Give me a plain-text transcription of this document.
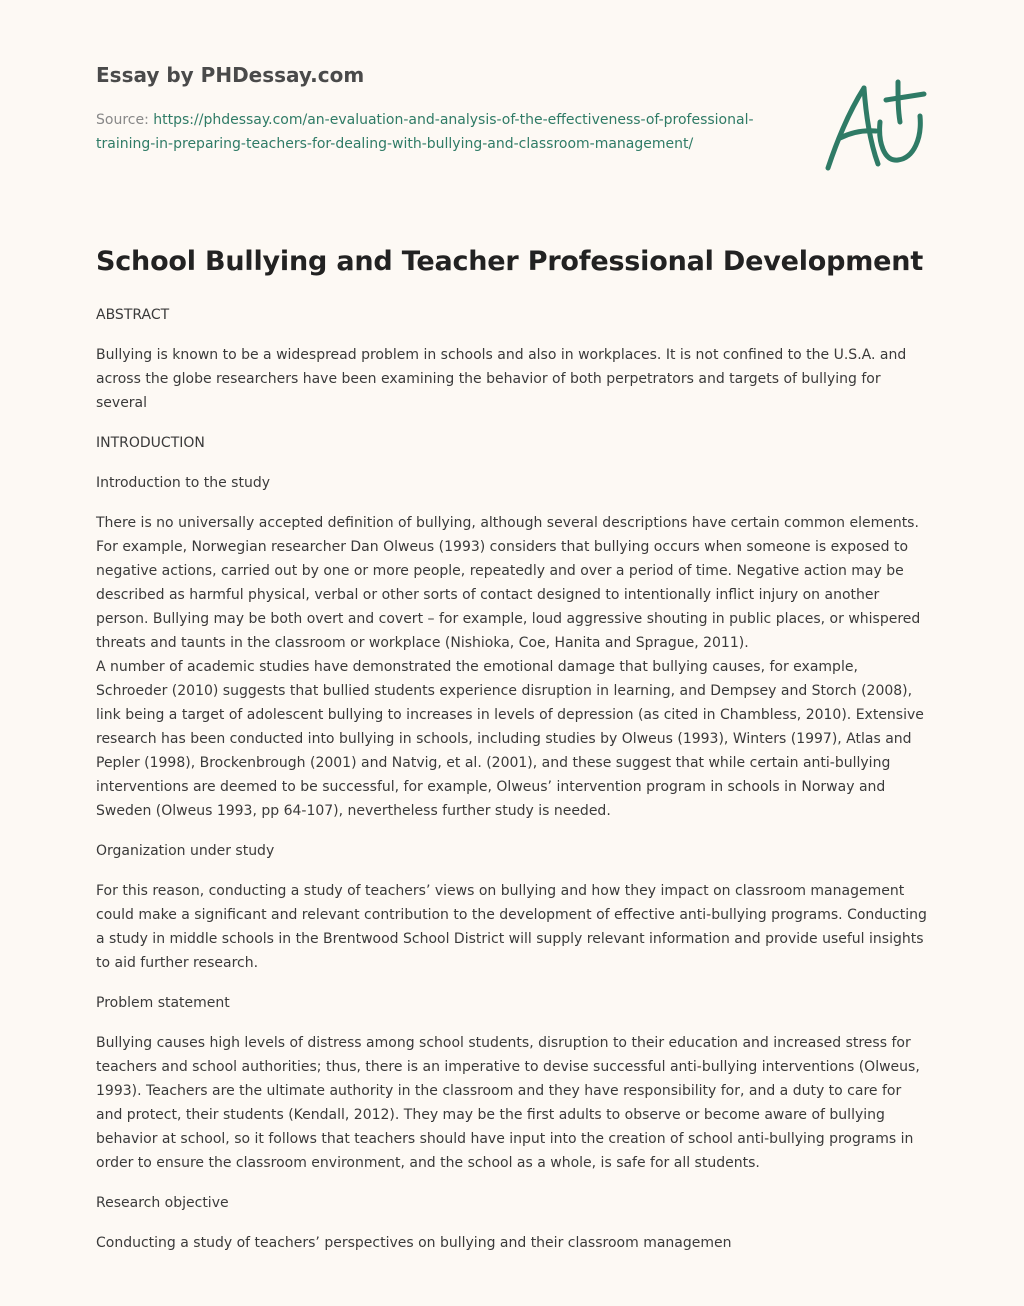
Essay by PHDessay.com
Source: https://phdessay.com/an-evaluation-and-analysis-of-the-effectiveness-of-professional-training-in-preparing-teachers-for-dealing-with-bullying-and-classroom-management/
School Bullying and Teacher Professional Development

ABSTRACT

Bullying is known to be a widespread problem in schools and also in workplaces. It is not confined to the U.S.A. and across the globe researchers have been examining the behavior of both perpetrators and targets of bullying for several

INTRODUCTION

Introduction to the study

There is no universally accepted definition of bullying, although several descriptions have certain common elements. For example, Norwegian researcher Dan Olweus (1993) considers that bullying occurs when someone is exposed to negative actions, carried out by one or more people, repeatedly and over a period of time. Negative action may be described as harmful physical, verbal or other sorts of contact designed to intentionally inflict injury on another person. Bullying may be both overt and covert – for example, loud aggressive shouting in public places, or whispered threats and taunts in the classroom or workplace (Nishioka, Coe, Hanita and Sprague, 2011).

A number of academic studies have demonstrated the emotional damage that bullying causes, for example, Schroeder (2010) suggests that bullied students experience disruption in learning, and Dempsey and Storch (2008), link being a target of adolescent bullying to increases in levels of depression (as cited in Chambless, 2010). Extensive research has been conducted into bullying in schools, including studies by Olweus (1993), Winters (1997), Atlas and Pepler (1998), Brockenbrough (2001) and Natvig, et al. (2001), and these suggest that while certain anti-bullying interventions are deemed to be successful, for example, Olweus’ intervention program in schools in Norway and Sweden (Olweus 1993, pp 64-107), nevertheless further study is needed.

Organization under study

For this reason, conducting a study of teachers’ views on bullying and how they impact on classroom management could make a significant and relevant contribution to the development of effective anti-bullying programs. Conducting a study in middle schools in the Brentwood School District will supply relevant information and provide useful insights to aid further research.

Problem statement

Bullying causes high levels of distress among school students, disruption to their education and increased stress for teachers and school authorities; thus, there is an imperative to devise successful anti-bullying interventions (Olweus, 1993). Teachers are the ultimate authority in the classroom and they have responsibility for, and a duty to care for and protect, their students (Kendall, 2012). They may be the first adults to observe or become aware of bullying behavior at school, so it follows that teachers should have input into the creation of school anti-bullying programs in order to ensure the classroom environment, and the school as a whole, is safe for all students.

Research objective

Conducting a study of teachers’ perspectives on bullying and their classroom managemen
